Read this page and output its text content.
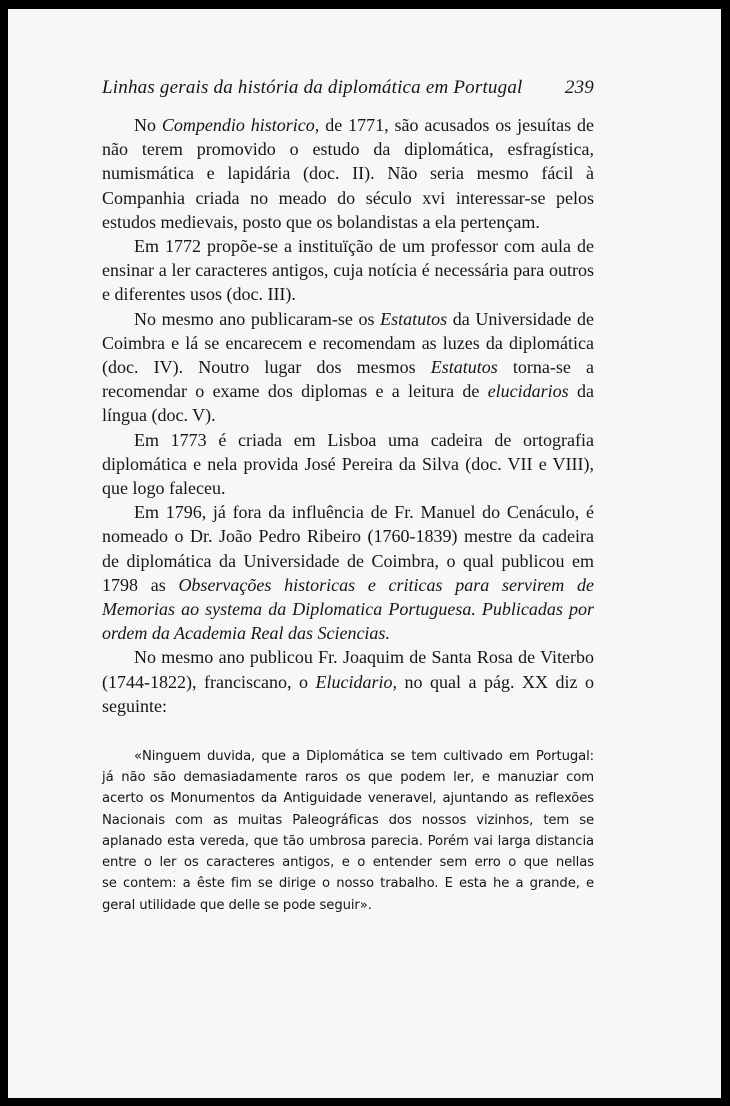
Linhas gerais da história da diplomática em Portugal 239

No Compendio historico, de 1771, são acusados os jesuítas de não terem promovido o estudo da diplomática, esfragística, numismática e lapidária (doc. II). Não seria mesmo fácil à Companhia criada no meado do século xvi interessar-se pelos estudos medievais, posto que os bolandistas a ela pertençam.

Em 1772 propõe-se a instituïção de um professor com aula de ensinar a ler caracteres antigos, cuja notícia é necessária para outros e diferentes usos (doc. III).

No mesmo ano publicaram-se os Estatutos da Universidade de Coimbra e lá se encarecem e recomendam as luzes da diplomática (doc. IV). Noutro lugar dos mesmos Estatutos torna-se a recomendar o exame dos diplomas e a leitura de elucidarios da língua (doc. V).

Em 1773 é criada em Lisboa uma cadeira de ortografia diplomática e nela provida José Pereira da Silva (doc. VII e VIII), que logo faleceu.

Em 1796, já fora da influência de Fr. Manuel do Cenáculo, é nomeado o Dr. João Pedro Ribeiro (1760-1839) mestre da cadeira de diplomática da Universidade de Coimbra, o qual publicou em 1798 as Observações historicas e criticas para servirem de Memorias ao systema da Diplomatica Portuguesa. Publicadas por ordem da Academia Real das Sciencias.

No mesmo ano publicou Fr. Joaquim de Santa Rosa de Viterbo (1744-1822), franciscano, o Elucidario, no qual a pág. XX diz o seguinte:

«Ninguem duvida, que a Diplomática se tem cultivado em Portugal:
já não são demasiadamente raros os que podem ler, e manuziar com
acerto os Monumentos da Antiguidade veneravel, ajuntando as reflexões
Nacionais com as muitas Paleográficas dos nossos vizinhos, tem se
aplanado esta vereda, que tão umbrosa parecia. Porém vai larga distancia
entre o ler os caracteres antigos, e o entender sem erro o que nellas
se contem: a êste fim se dirige o nosso trabalho. E esta he a grande, e
geral utilidade que delle se pode seguir».
